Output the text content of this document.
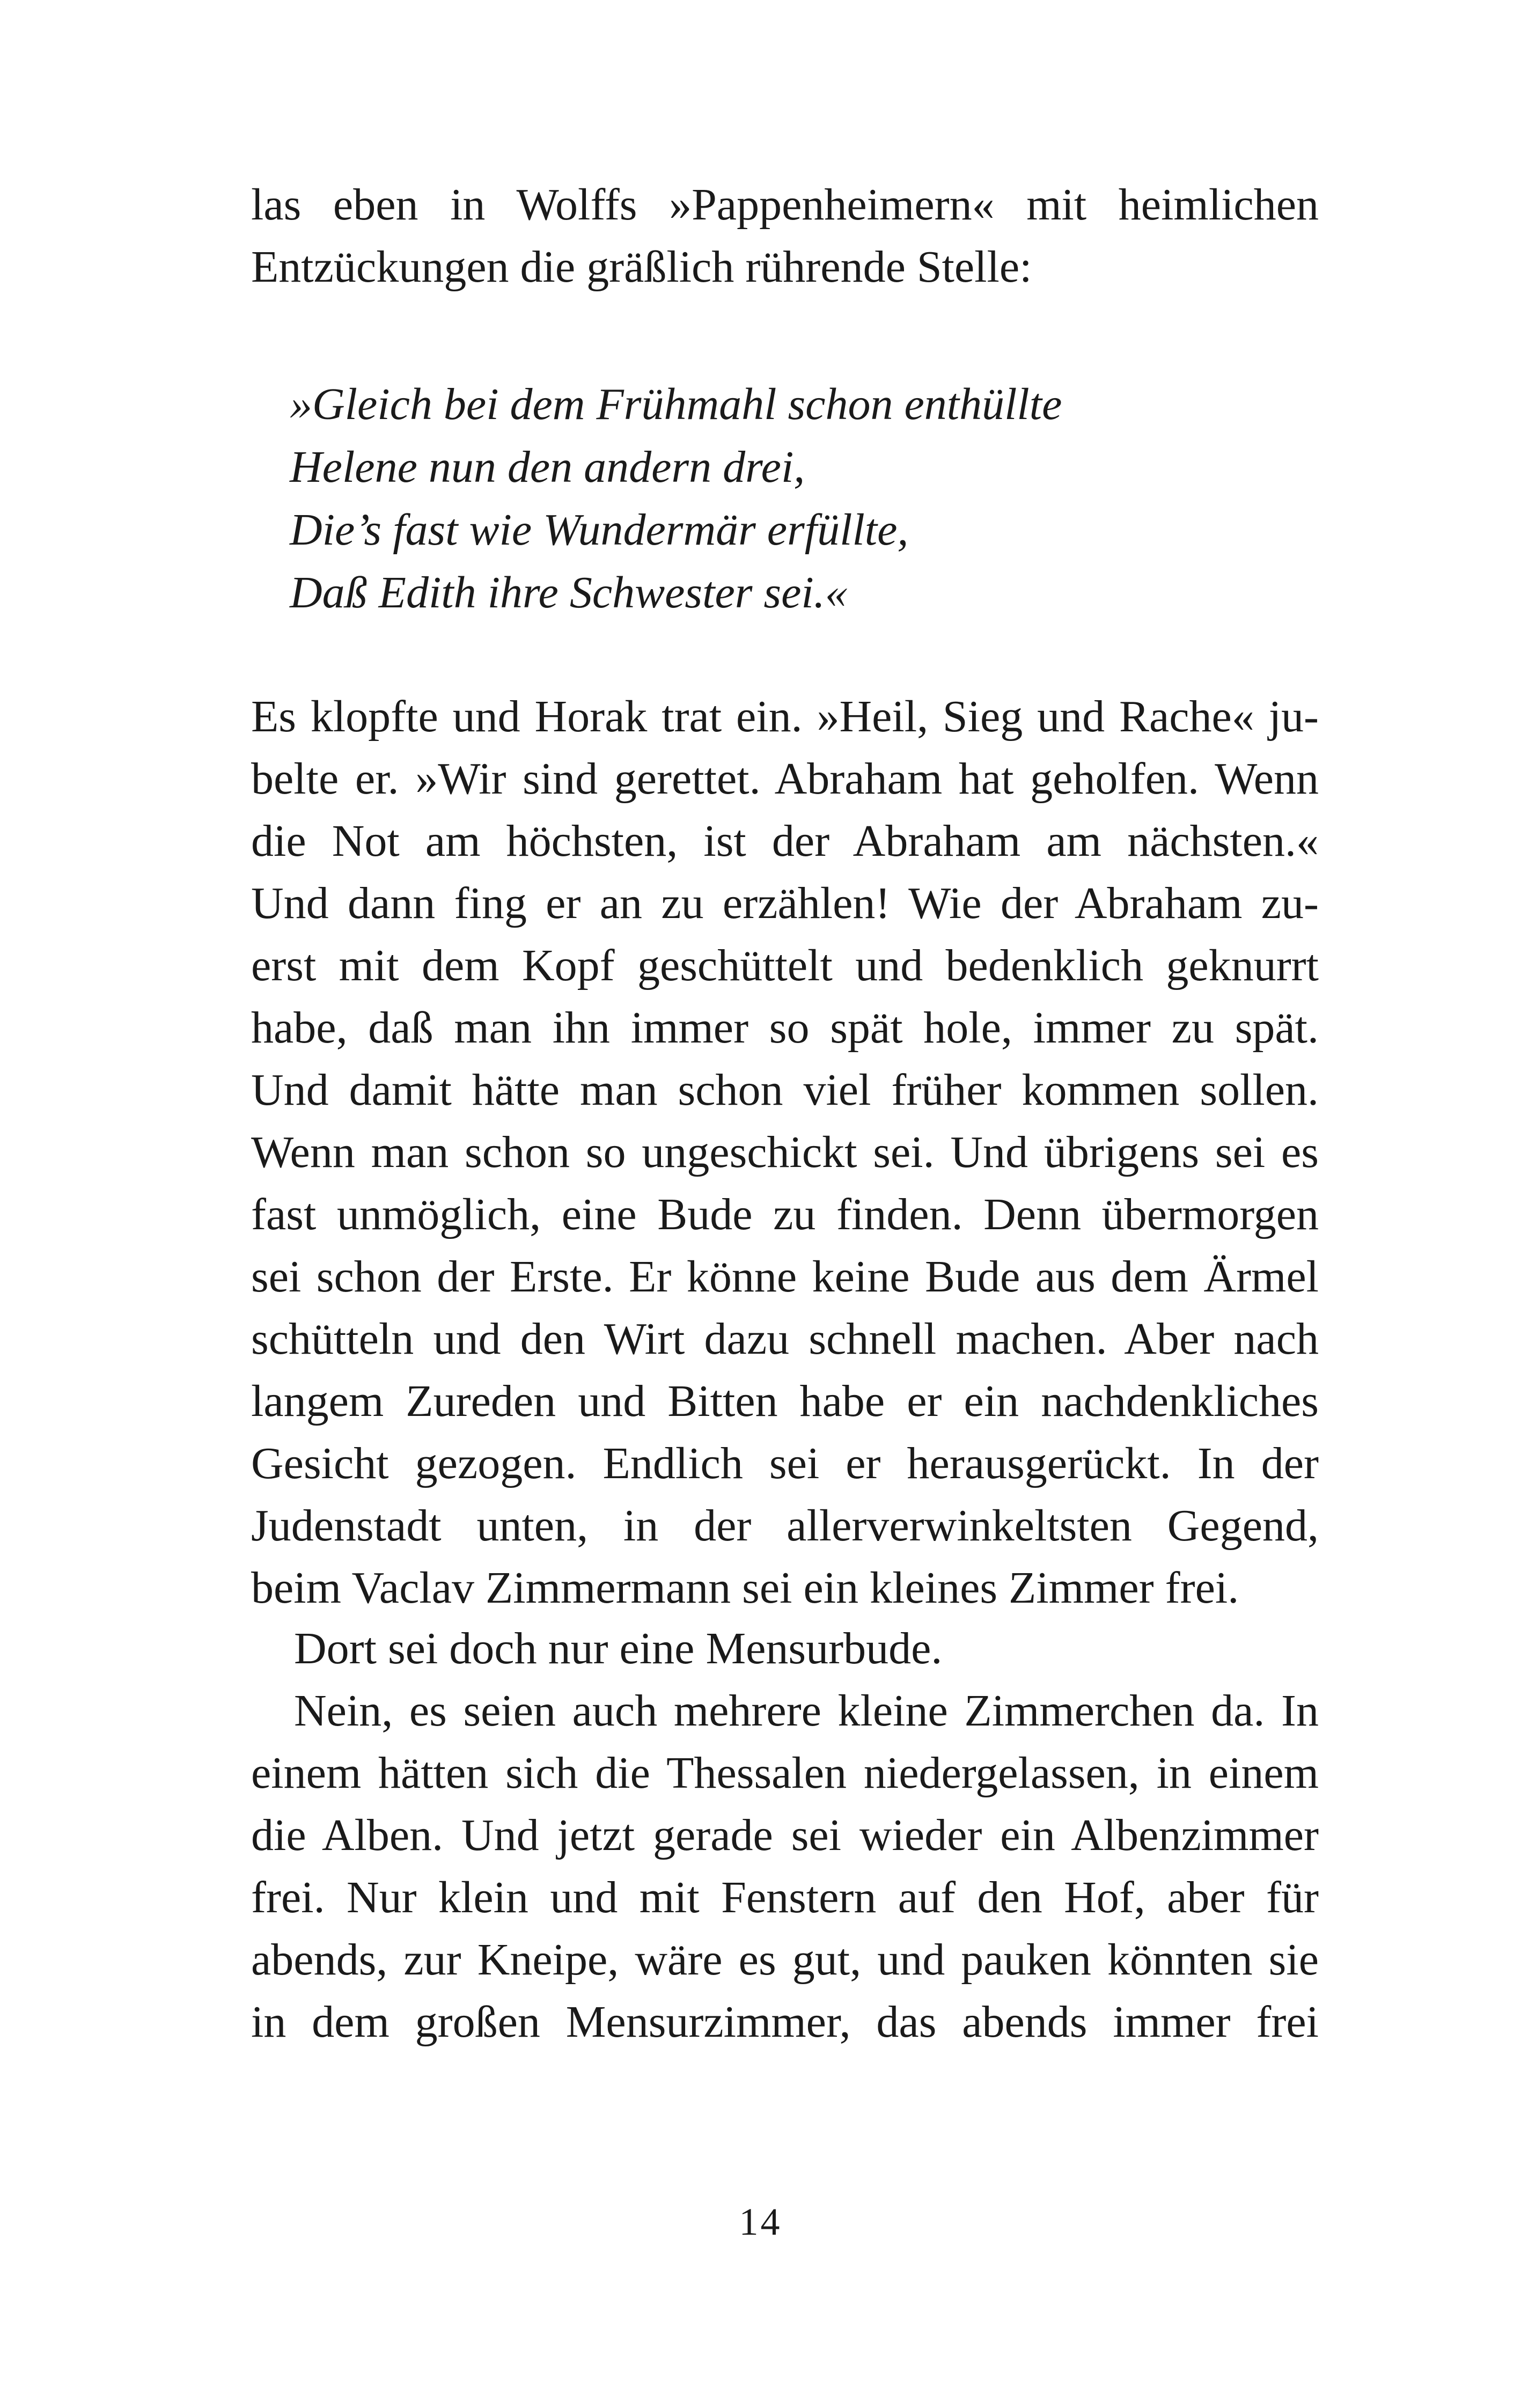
las eben in Wolffs »Pappenheimern« mit heimlichen
Entzückungen die gräßlich rührende Stelle:
»Gleich bei dem Frühmahl schon enthüllte
Helene nun den andern drei,
Die’s fast wie Wundermär erfüllte,
Daß Edith ihre Schwester sei.«
Es klopfte und Horak trat ein. »Heil, Sieg und Rache« ju-
belte er. »Wir sind gerettet. Abraham hat geholfen. Wenn
die Not am höchsten, ist der Abraham am nächsten.«
Und dann fing er an zu erzählen! Wie der Abraham zu-
erst mit dem Kopf geschüttelt und bedenklich geknurrt
habe, daß man ihn immer so spät hole, immer zu spät.
Und damit hätte man schon viel früher kommen sollen.
Wenn man schon so ungeschickt sei. Und übrigens sei es
fast unmöglich, eine Bude zu finden. Denn übermorgen
sei schon der Erste. Er könne keine Bude aus dem Ärmel
schütteln und den Wirt dazu schnell machen. Aber nach
langem Zureden und Bitten habe er ein nachdenkliches
Gesicht gezogen. Endlich sei er herausgerückt. In der
Judenstadt unten, in der allerverwinkeltsten Gegend,
beim Vaclav Zimmermann sei ein kleines Zimmer frei.
Dort sei doch nur eine Mensurbude.
Nein, es seien auch mehrere kleine Zimmerchen da. In
einem hätten sich die Thessalen niedergelassen, in einem
die Alben. Und jetzt gerade sei wieder ein Albenzimmer
frei. Nur klein und mit Fenstern auf den Hof, aber für
abends, zur Kneipe, wäre es gut, und pauken könnten sie
in dem großen Mensurzimmer, das abends immer frei
14
